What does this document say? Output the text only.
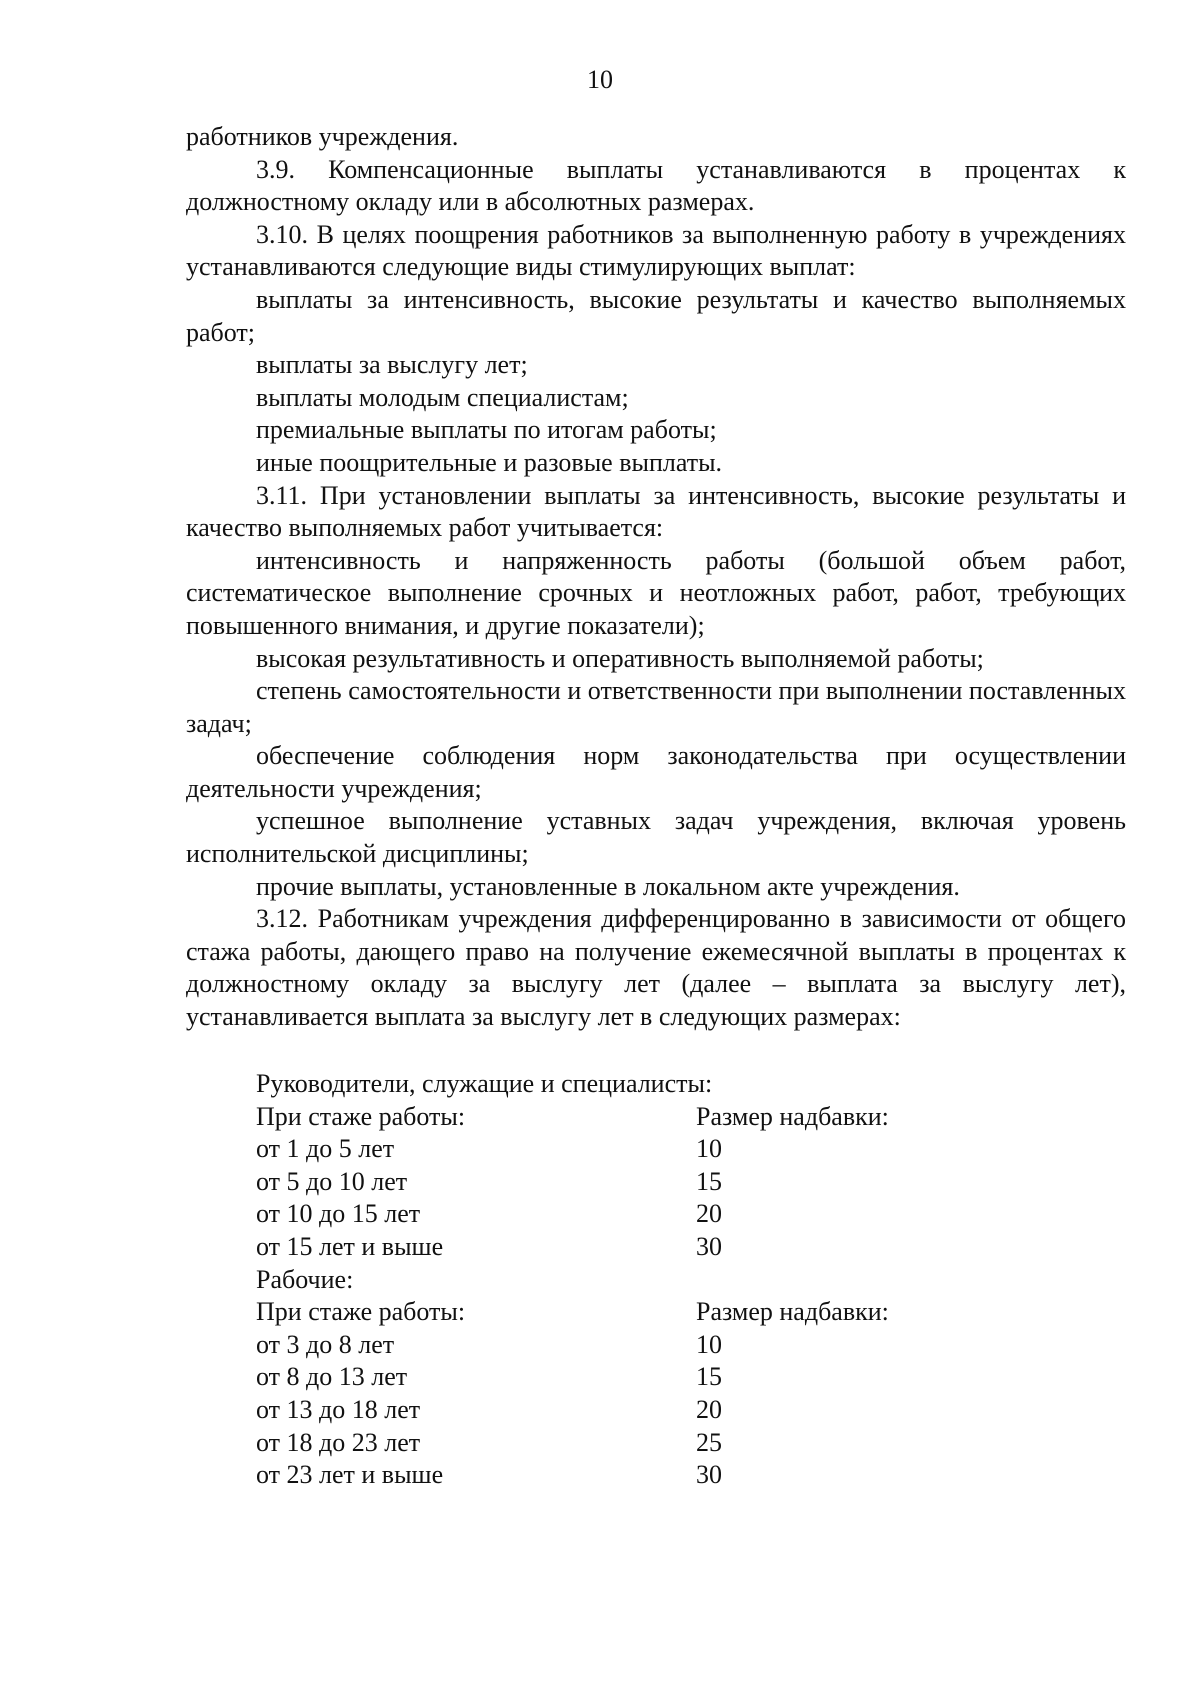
10

работников учреждения.

3.9. Компенсационные выплаты устанавливаются в процентах к

должностному окладу или в абсолютных размерах.

3.10. В целях поощрения работников за выполненную работу в учреждениях устанавливаются следующие виды стимулирующих выплат:

выплаты за интенсивность, высокие результаты и качество выполняемых работ;

выплаты за выслугу лет;

выплаты молодым специалистам;

премиальные выплаты по итогам работы;

иные поощрительные и разовые выплаты.

3.11. При установлении выплаты за интенсивность, высокие результаты и качество выполняемых работ учитывается:

интенсивность и напряженность работы (большой объем работ, систематическое выполнение срочных и неотложных работ, работ, требующих повышенного внимания, и другие показатели);

высокая результативность и оперативность выполняемой работы;

степень самостоятельности и ответственности при выполнении поставленных задач;

обеспечение соблюдения норм законодательства при осуществлении деятельности учреждения;

успешное выполнение уставных задач учреждения, включая уровень исполнительской дисциплины;

прочие выплаты, установленные в локальном акте учреждения.

3.12. Работникам учреждения дифференцированно в зависимости от общего стажа работы, дающего право на получение ежемесячной выплаты в процентах к должностному окладу за выслугу лет (далее – выплата за выслугу лет), устанавливается выплата за выслугу лет в следующих размерах:

Руководители, служащие и специалисты:
При стаже работы:	Размер надбавки:
от 1 до 5 лет	10
от 5 до 10 лет	15
от 10 до 15 лет	20
от 15 лет и выше	30
Рабочие:
При стаже работы:	Размер надбавки:
от 3 до 8 лет	10
от 8 до 13 лет	15
от 13 до 18 лет	20
от 18 до 23 лет	25
от 23 лет и выше	30
